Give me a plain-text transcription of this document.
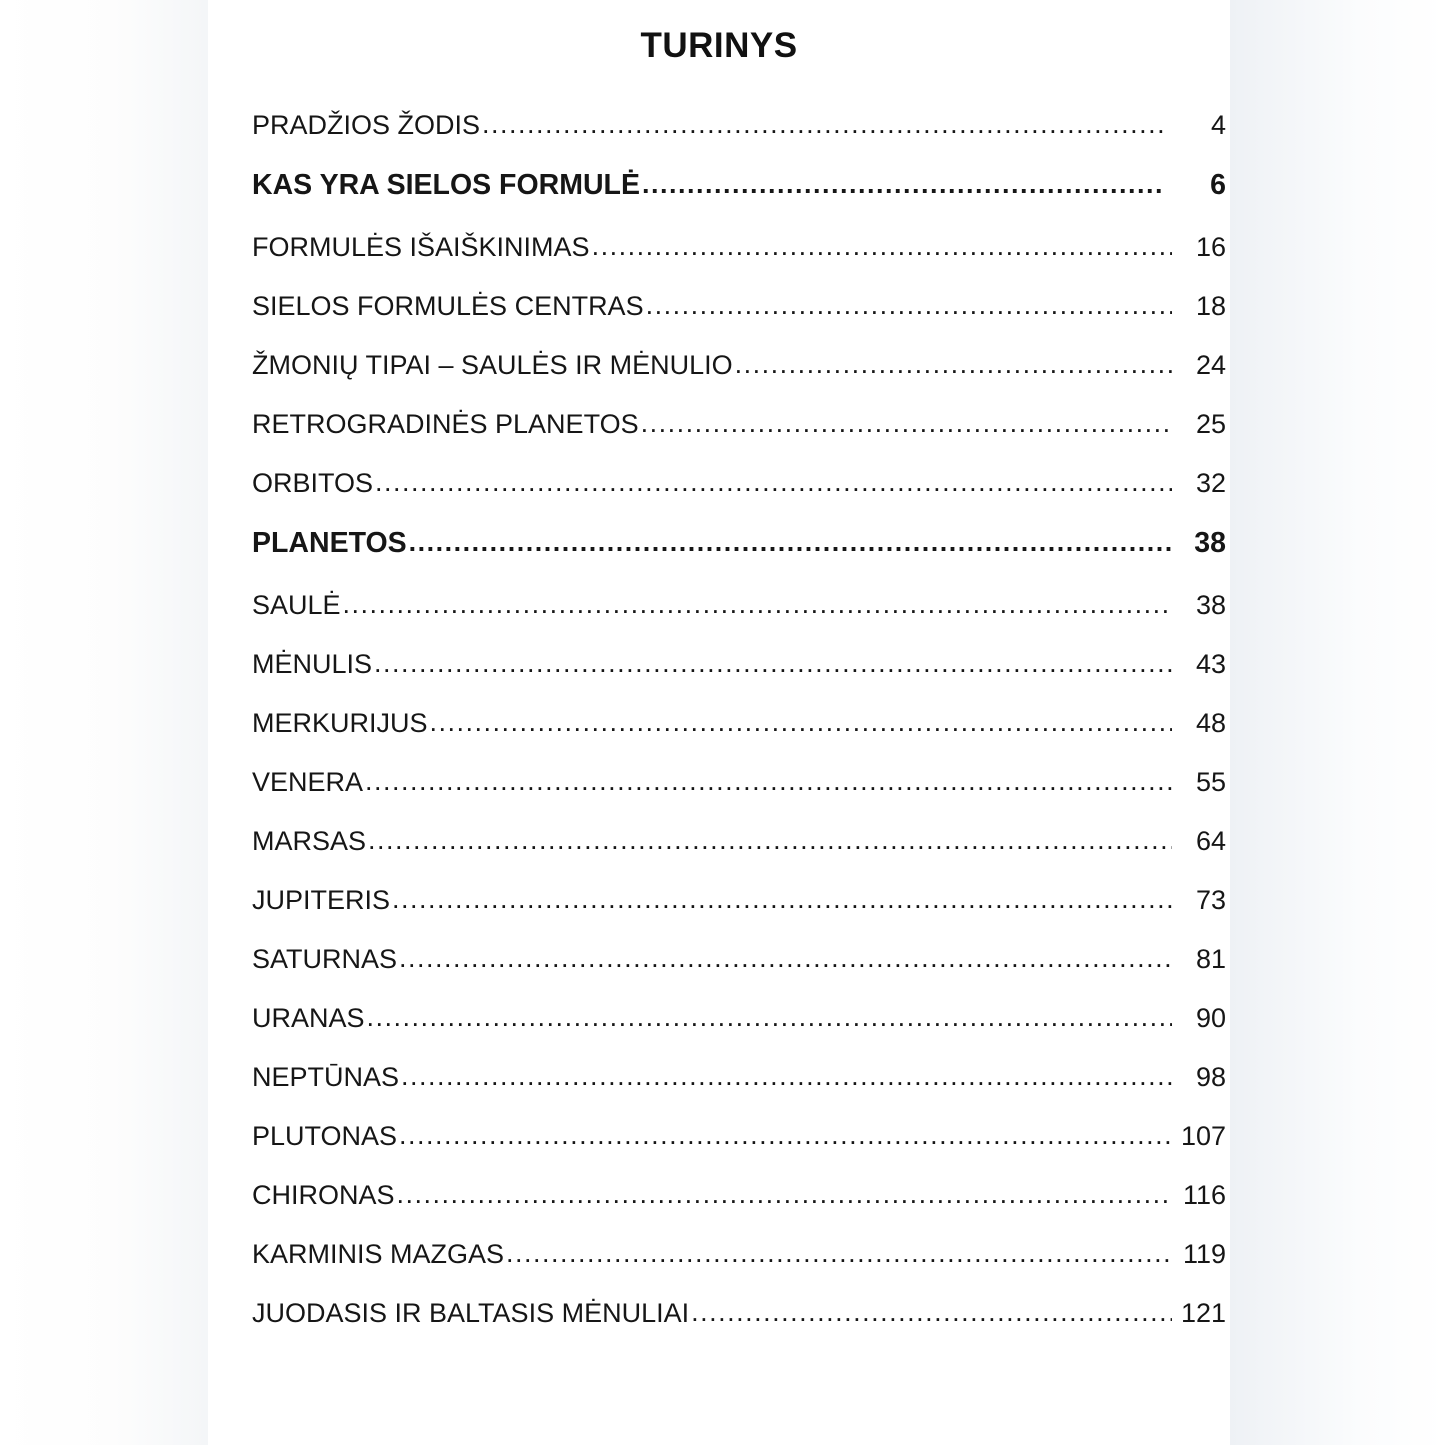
TURINYS
PRADŽIOS ŽODIS .....	4
KAS YRA SIELOS FORMULĖ .....	6
FORMULĖS IŠAIŠKINIMAS .....	16
SIELOS FORMULĖS CENTRAS .....	18
ŽMONIŲ TIPAI – SAULĖS IR MĖNULIO .....	24
RETROGRADINĖS PLANETOS .....	25
ORBITOS .....	32
PLANETOS .....	38
SAULĖ .....	38
MĖNULIS .....	43
MERKURIJUS .....	48
VENERA .....	55
MARSAS .....	64
JUPITERIS .....	73
SATURNAS .....	81
URANAS .....	90
NEPTŪNAS .....	98
PLUTONAS .....	107
CHIRONAS .....	116
KARMINIS MAZGAS .....	119
JUODASIS IR BALTASIS MĖNULIAI .....	121
